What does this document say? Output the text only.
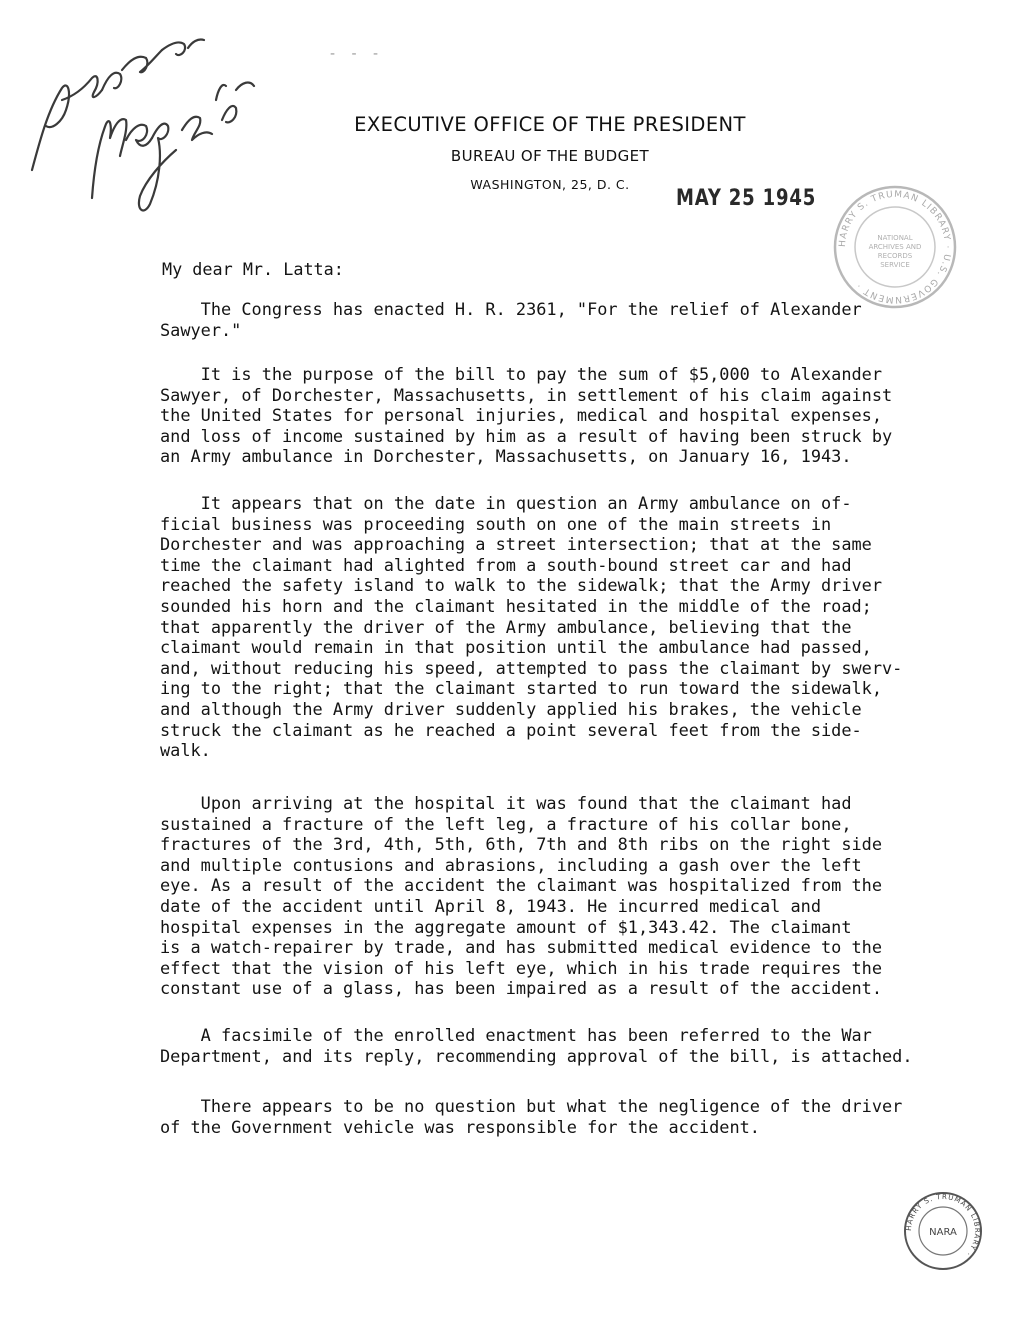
- - -
EXECUTIVE OFFICE OF THE PRESIDENT
BUREAU OF THE BUDGET
WASHINGTON, 25, D. C.
MAY 25 1945
HARRY S. TRUMAN LIBRARY · U.S. GOVERNMENT ·
NATIONAL
ARCHIVES AND
RECORDS
SERVICE
My dear Mr. Latta:
The Congress has enacted H. R. 2361, "For the relief of Alexander
Sawyer."
It is the purpose of the bill to pay the sum of $5,000 to Alexander
Sawyer, of Dorchester, Massachusetts, in settlement of his claim against
the United States for personal injuries, medical and hospital expenses,
and loss of income sustained by him as a result of having been struck by
an Army ambulance in Dorchester, Massachusetts, on January 16, 1943.
It appears that on the date in question an Army ambulance on of-
ficial business was proceeding south on one of the main streets in
Dorchester and was approaching a street intersection; that at the same
time the claimant had alighted from a south-bound street car and had
reached the safety island to walk to the sidewalk; that the Army driver
sounded his horn and the claimant hesitated in the middle of the road;
that apparently the driver of the Army ambulance, believing that the
claimant would remain in that position until the ambulance had passed,
and, without reducing his speed, attempted to pass the claimant by swerv-
ing to the right; that the claimant started to run toward the sidewalk,
and although the Army driver suddenly applied his brakes, the vehicle
struck the claimant as he reached a point several feet from the side-
walk.
Upon arriving at the hospital it was found that the claimant had
sustained a fracture of the left leg, a fracture of his collar bone,
fractures of the 3rd, 4th, 5th, 6th, 7th and 8th ribs on the right side
and multiple contusions and abrasions, including a gash over the left
eye. As a result of the accident the claimant was hospitalized from the
date of the accident until April 8, 1943. He incurred medical and
hospital expenses in the aggregate amount of $1,343.42. The claimant
is a watch-repairer by trade, and has submitted medical evidence to the
effect that the vision of his left eye, which in his trade requires the
constant use of a glass, has been impaired as a result of the accident.
A facsimile of the enrolled enactment has been referred to the War
Department, and its reply, recommending approval of the bill, is attached.
There appears to be no question but what the negligence of the driver
of the Government vehicle was responsible for the accident.
HARRY S. TRUMAN LIBRARY ·
NARA
